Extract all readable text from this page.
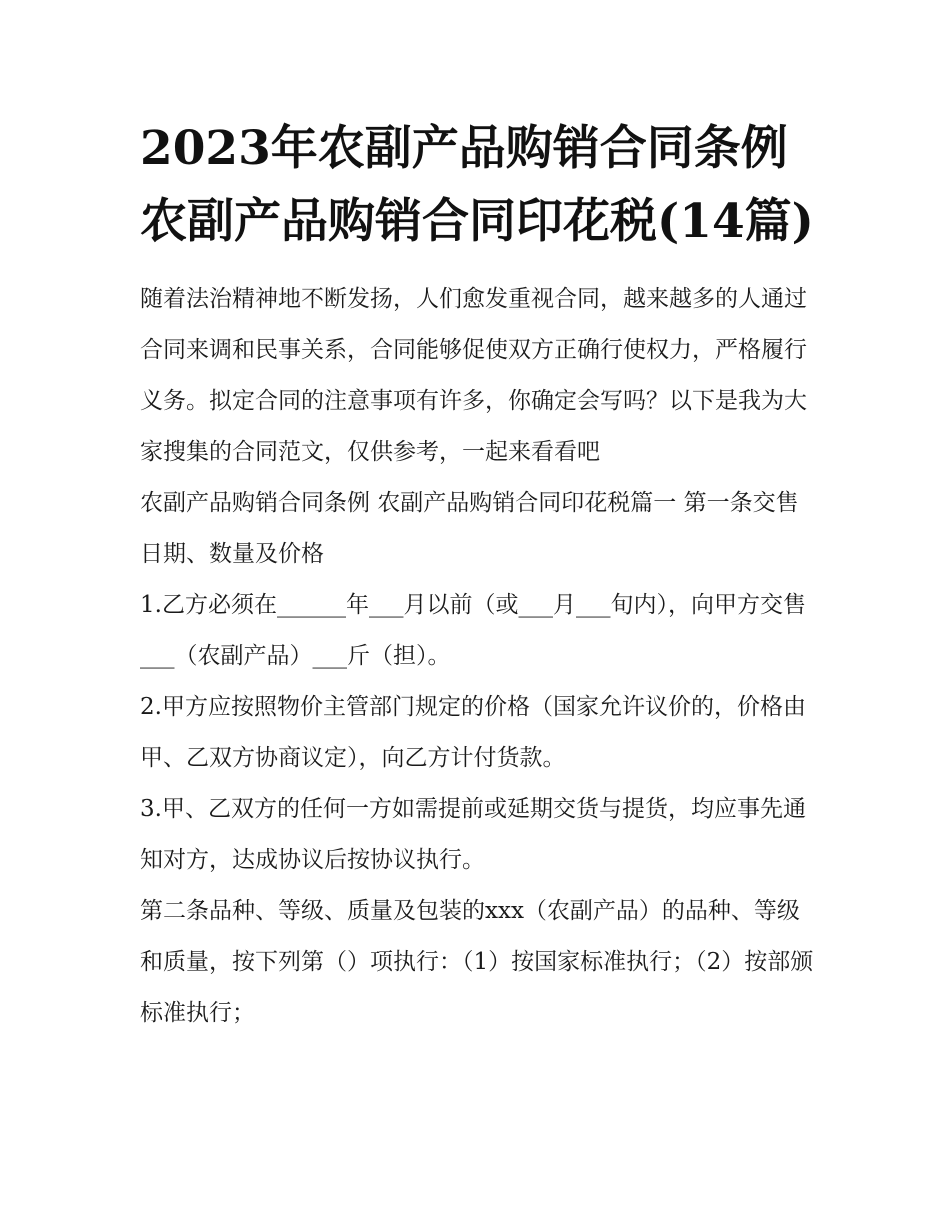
2023年农副产品购销合同条例 农副产品购销合同印花税(14篇)

随着法治精神地不断发扬，人们愈发重视合同，越来越多的人通过合同来调和民事关系，合同能够促使双方正确行使权力，严格履行义务。拟定合同的注意事项有许多，你确定会写吗？以下是我为大家搜集的合同范文，仅供参考，一起来看看吧

农副产品购销合同条例 农副产品购销合同印花税篇一 第一条交售日期、数量及价格

1.乙方必须在______年___月以前（或___月___旬内），向甲方交售___（农副产品）___斤（担）。

2.甲方应按照物价主管部门规定的价格（国家允许议价的，价格由甲、乙双方协商议定），向乙方计付货款。

3.甲、乙双方的任何一方如需提前或延期交货与提货，均应事先通知对方，达成协议后按协议执行。

第二条品种、等级、质量及包装的xxx（农副产品）的品种、等级和质量，按下列第（）项执行：（1）按国家标准执行；（2）按部颁标准执行；
